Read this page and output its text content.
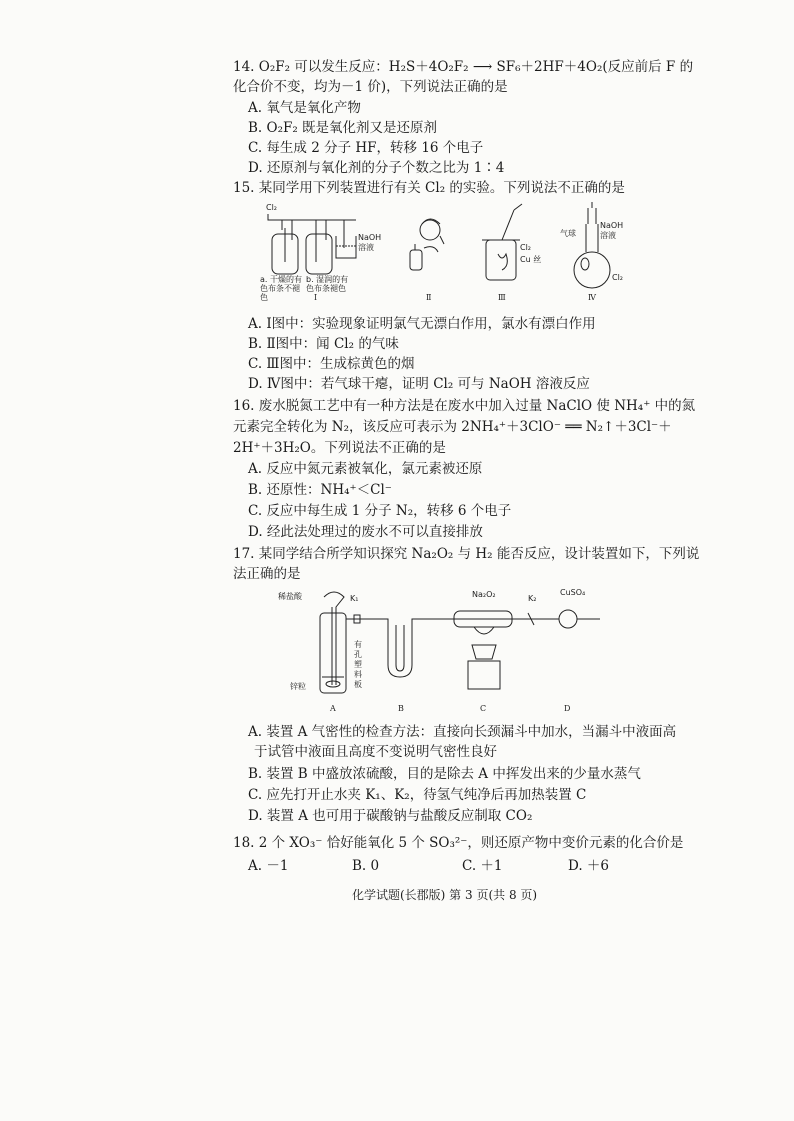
14. O₂F₂ 可以发生反应：H₂S＋4O₂F₂ ⟶ SF₆＋2HF＋4O₂(反应前后 F 的
化合价不变，均为－1 价)，下列说法正确的是
A. 氧气是氧化产物
B. O₂F₂ 既是氧化剂又是还原剂
C. 每生成 2 分子 HF，转移 16 个电子
D. 还原剂与氧化剂的分子个数之比为 1∶4
15. 某同学用下列装置进行有关 Cl₂ 的实验。下列说法不正确的是
Cl₂
NaOH
溶液
a. 干燥的有
色布条不褪
色
b. 湿润的有
色布条褪色
Cl₂
Cu 丝
气球
NaOH
溶液
Cl₂
Ⅰ	Ⅱ	Ⅲ	Ⅳ
A. Ⅰ图中：实验现象证明氯气无漂白作用，氯水有漂白作用
B. Ⅱ图中：闻 Cl₂ 的气味
C. Ⅲ图中：生成棕黄色的烟
D. Ⅳ图中：若气球干瘪，证明 Cl₂ 可与 NaOH 溶液反应
16. 废水脱氮工艺中有一种方法是在废水中加入过量 NaClO 使 NH₄⁺ 中的氮
元素完全转化为 N₂，该反应可表示为 2NH₄⁺＋3ClO⁻ ══ N₂↑＋3Cl⁻＋
2H⁺＋3H₂O。下列说法不正确的是
A. 反应中氮元素被氧化，氯元素被还原
B. 还原性：NH₄⁺＜Cl⁻
C. 反应中每生成 1 分子 N₂，转移 6 个电子
D. 经此法处理过的废水不可以直接排放
17. 某同学结合所学知识探究 Na₂O₂ 与 H₂ 能否反应，设计装置如下，下列说
法正确的是
稀盐酸	K₁	Na₂O₂	K₂
CuSO₄
锌粒
有
孔
塑
料
板
A	B	C	D
A. 装置 A 气密性的检查方法：直接向长颈漏斗中加水，当漏斗中液面高
于试管中液面且高度不变说明气密性良好
B. 装置 B 中盛放浓硫酸，目的是除去 A 中挥发出来的少量水蒸气
C. 应先打开止水夹 K₁、K₂，待氢气纯净后再加热装置 C
D. 装置 A 也可用于碳酸钠与盐酸反应制取 CO₂
18. 2 个 XO₃⁻ 恰好能氧化 5 个 SO₃²⁻，则还原产物中变价元素的化合价是
A. －1	B. 0	C. ＋1	D. ＋6
化学试题(长郡版) 第 3 页(共 8 页)
